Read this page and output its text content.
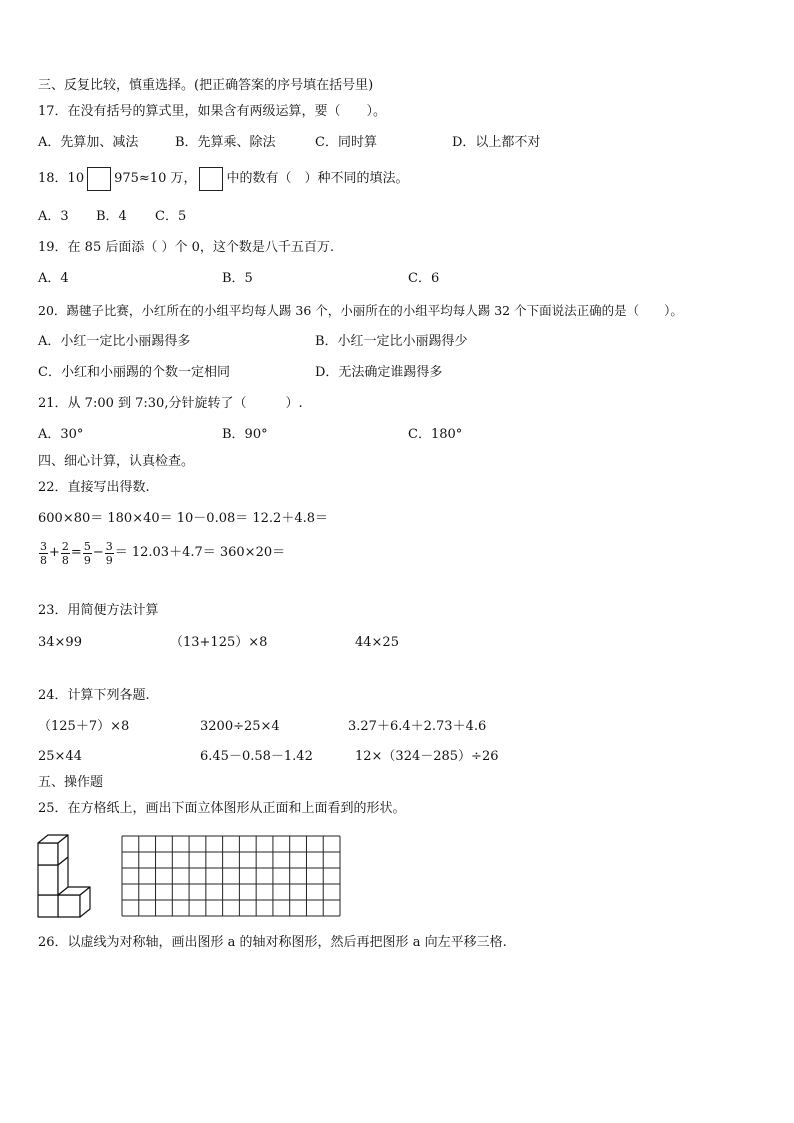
三、反复比较，慎重选择。(把正确答案的序号填在括号里)
17．在没有括号的算式里，如果含有两级运算，要（　　）。
A．先算加、减法	B．先算乘、除法	C．同时算	D．以上都不对
18．10 975≈10 万， 中的数有（　）种不同的填法。
A．3 B．4 C．5
19．在 85 后面添（ ）个 0，这个数是八千五百万.
A．4	B．5	C．6
20．踢毽子比赛，小红所在的小组平均每人踢 36 个，小丽所在的小组平均每人踢 32 个下面说法正确的是（　　）。
A．小红一定比小丽踢得多	B．小红一定比小丽踢得少
C．小红和小丽踢的个数一定相同	D．无法确定谁踢得多
21．从 7:00 到 7:30,分针旋转了（　　　）.
A．30°	B．90°	C．180°
四、细心计算，认真检查。
22．直接写出得数.
600×80＝ 180×40＝ 10－0.08＝ 12.2＋4.8＝
$\frac{3}{8} + \frac{2}{8} = \frac{5}{9} - \frac{3}{9} = 12.03+4.7= 360\times 20=$
23．用简便方法计算
34×99	（13+125）×8	44×25
24．计算下列各题.
（125＋7）×8	3200÷25×4	3.27＋6.4＋2.73＋4.6
25×44	6.45－0.58－1.42	12×（324－285）÷26
五、操作题
25．在方格纸上，画出下面立体图形从正面和上面看到的形状。
26．以虚线为对称轴，画出图形 a 的轴对称图形，然后再把图形 a 向左平移三格.
